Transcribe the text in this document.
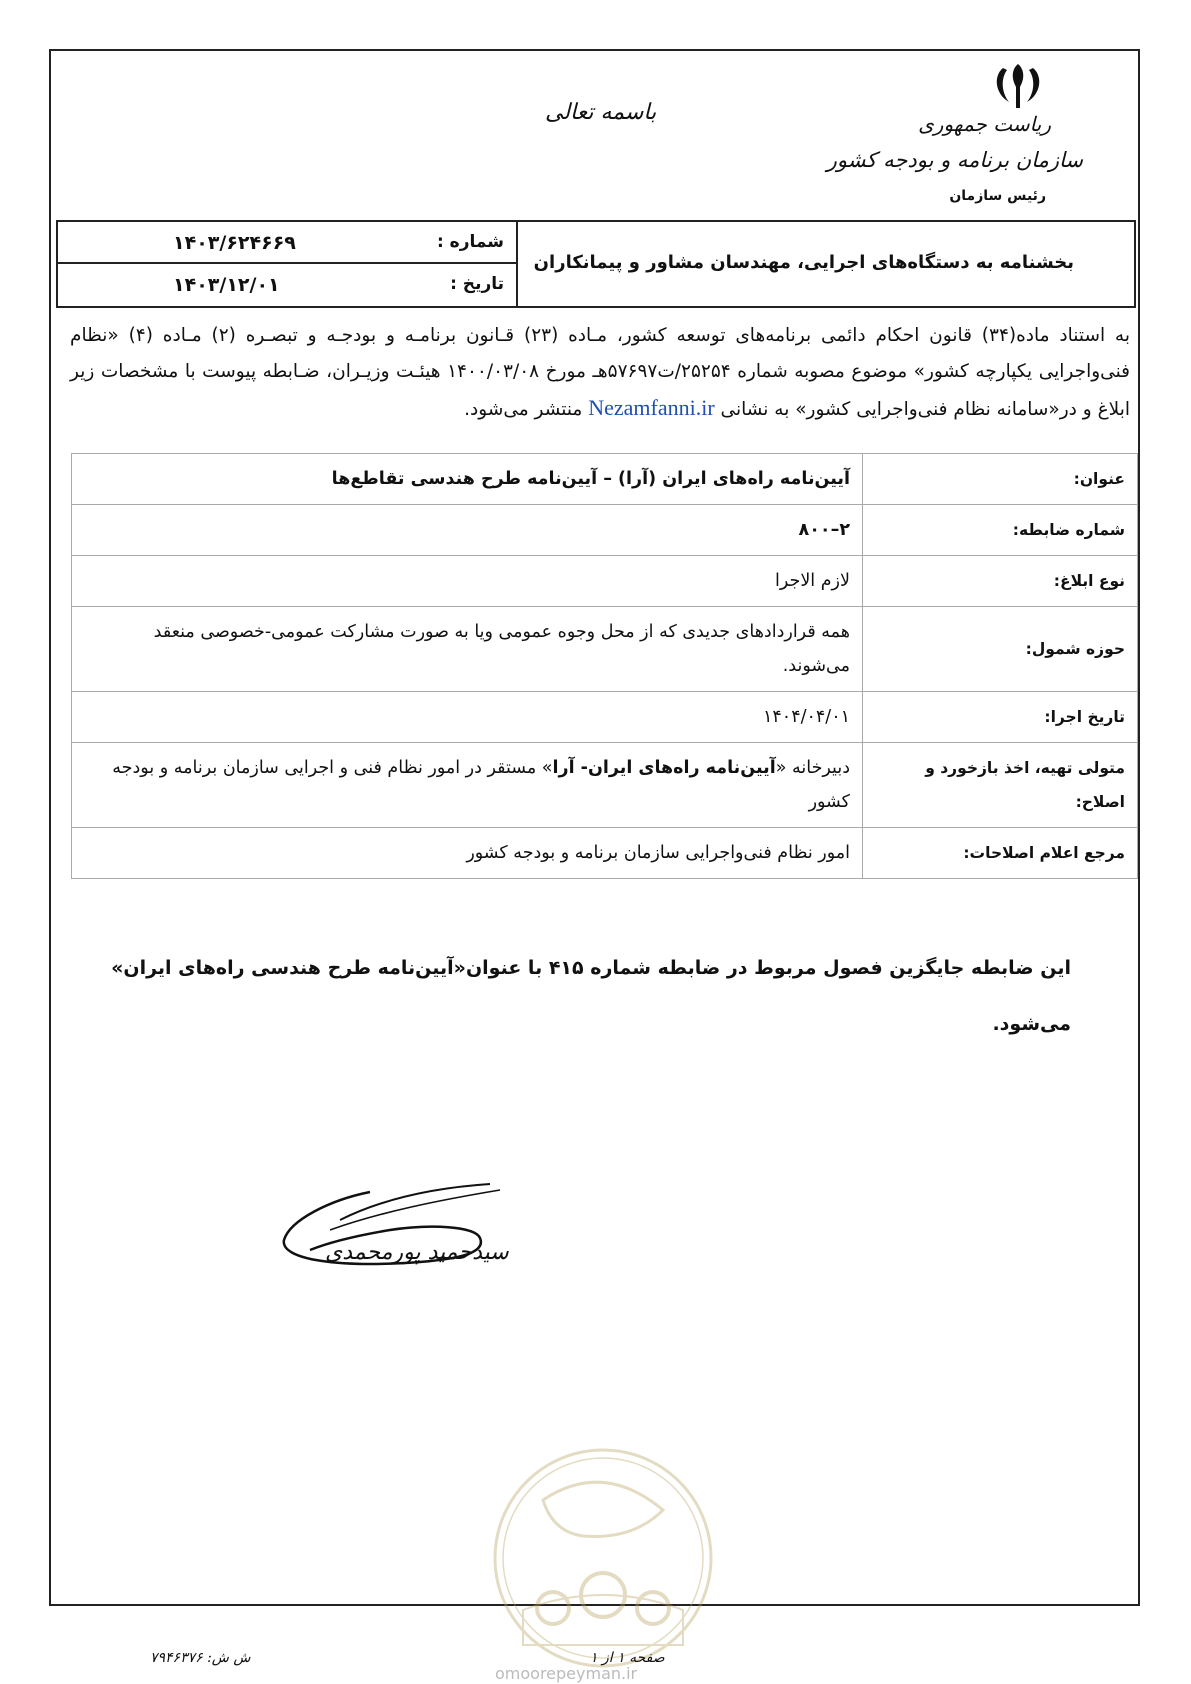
ریاست جمهوری
سازمان برنامه و بودجه کشور
رئیس سازمان
باسمه تعالی
بخشنامه به دستگاه‌های اجرایی، مهندسان مشاور و پیمانکاران
شماره :
۱۴۰۳/۶۲۴۶۶۹
تاریخ :
۱۴۰۳/۱۲/۰۱
به استناد ماده(۳۴) قانون احکام دائمی برنامه‌های توسعه کشور، مـاده (۲۳) قـانون برنامـه و بودجـه و تبصـره (۲) مـاده (۴) «نظام فنی‌واجرایی یکپارچه کشور» موضوع مصوبه شماره ۲۵۲۵۴/ت۵۷۶۹۷هـ مورخ ۱۴۰۰/۰۳/۰۸ هیئـت وزیـران، ضـابطه پیوست با مشخصات زیر ابلاغ و در«سامانه نظام فنی‌واجرایی کشور» به نشانی Nezamfanni.ir منتشر می‌شود.
عنوان:	آیین‌نامه راه‌های ایران (آرا) – آیین‌نامه طرح هندسی تقاطع‌ها
شماره ضابطه:	۲–۸۰۰
نوع ابلاغ:	لازم الاجرا
حوزه شمول:	همه قراردادهای جدیدی که از محل وجوه عمومی ویا به صورت مشارکت عمومی-خصوصی منعقد می‌شوند.
تاریخ اجرا:	۱۴۰۴/۰۴/۰۱
متولی تهیه، اخذ بازخورد و اصلاح:	دبیرخانه «آیین‌نامه راه‌های ایران- آرا» مستقر در امور نظام فنی و اجرایی سازمان برنامه و بودجه کشور
مرجع اعلام اصلاحات:	امور نظام فنی‌واجرایی سازمان برنامه و بودجه کشور
این ضابطه جایگزین فصول مربوط در ضابطه شماره ۴۱۵ با عنوان«آیین‌نامه طرح هندسی راه‌های ایران» می‌شود.
سیدحمید پورمحمدی
ش ش: ۷۹۴۶۳۷۶	صفحه ۱ از ۱
omoorepeyman.ir
